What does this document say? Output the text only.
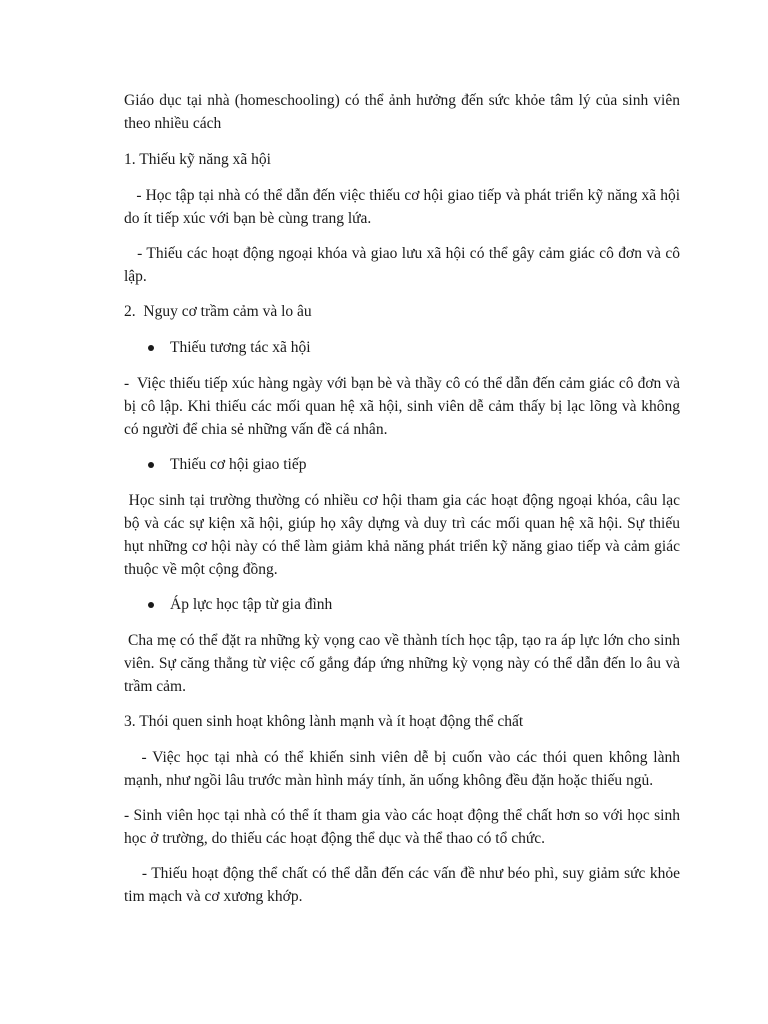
Giáo dục tại nhà (homeschooling) có thể ảnh hưởng đến sức khỏe tâm lý của sinh viên theo nhiều cách

1. Thiếu kỹ năng xã hội

- Học tập tại nhà có thể dẫn đến việc thiếu cơ hội giao tiếp và phát triển kỹ năng xã hội do ít tiếp xúc với bạn bè cùng trang lứa.

- Thiếu các hoạt động ngoại khóa và giao lưu xã hội có thể gây cảm giác cô đơn và cô lập.

2.  Nguy cơ trầm cảm và lo âu

Thiếu tương tác xã hội

-  Việc thiếu tiếp xúc hàng ngày với bạn bè và thầy cô có thể dẫn đến cảm giác cô đơn và bị cô lập. Khi thiếu các mối quan hệ xã hội, sinh viên dễ cảm thấy bị lạc lõng và không có người để chia sẻ những vấn đề cá nhân.

Thiếu cơ hội giao tiếp

Học sinh tại trường thường có nhiều cơ hội tham gia các hoạt động ngoại khóa, câu lạc bộ và các sự kiện xã hội, giúp họ xây dựng và duy trì các mối quan hệ xã hội. Sự thiếu hụt những cơ hội này có thể làm giảm khả năng phát triển kỹ năng giao tiếp và cảm giác thuộc về một cộng đồng.

Áp lực học tập từ gia đình

Cha mẹ có thể đặt ra những kỳ vọng cao về thành tích học tập, tạo ra áp lực lớn cho sinh viên. Sự căng thẳng từ việc cố gắng đáp ứng những kỳ vọng này có thể dẫn đến lo âu và trầm cảm.

3. Thói quen sinh hoạt không lành mạnh và ít hoạt động thể chất

- Việc học tại nhà có thể khiến sinh viên dễ bị cuốn vào các thói quen không lành mạnh, như ngồi lâu trước màn hình máy tính, ăn uống không đều đặn hoặc thiếu ngủ.

- Sinh viên học tại nhà có thể ít tham gia vào các hoạt động thể chất hơn so với học sinh học ở trường, do thiếu các hoạt động thể dục và thể thao có tổ chức.

- Thiếu hoạt động thể chất có thể dẫn đến các vấn đề như béo phì, suy giảm sức khỏe tim mạch và cơ xương khớp.
